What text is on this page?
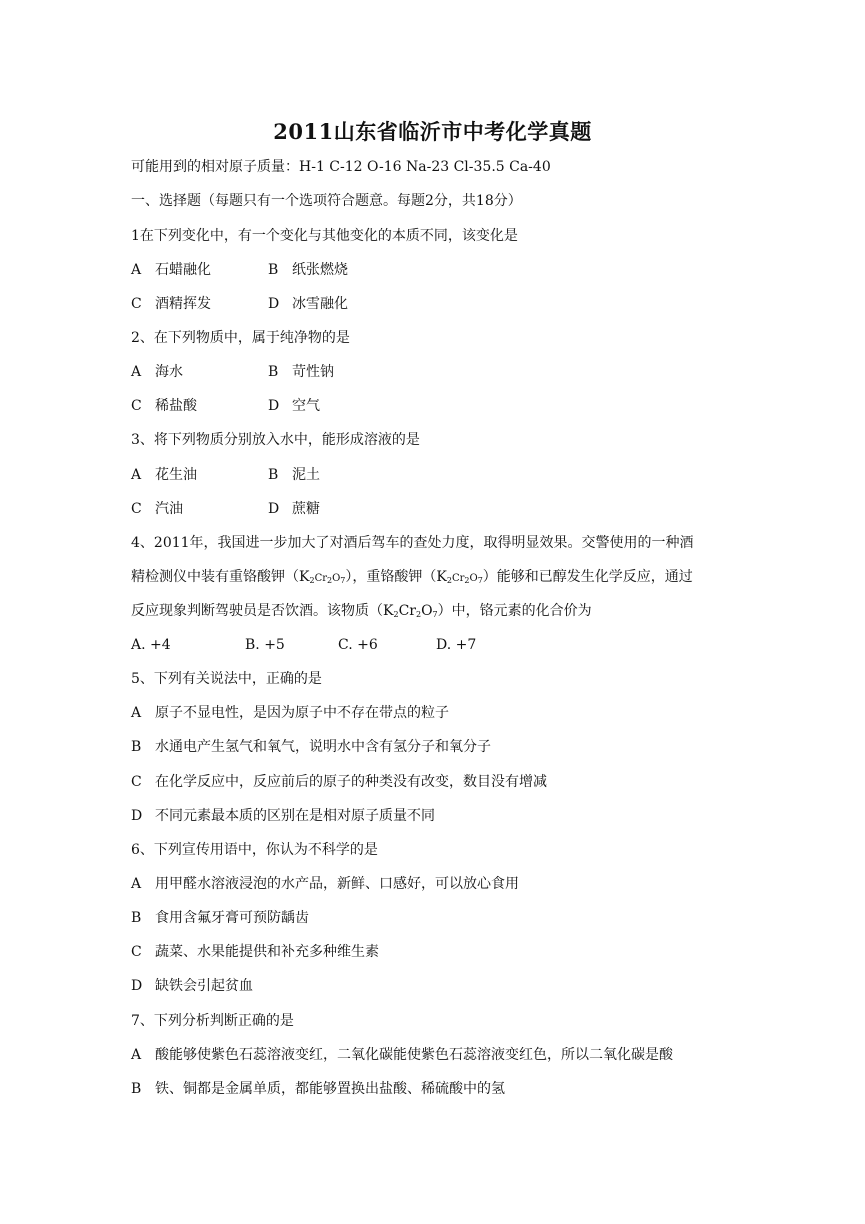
2011山东省临沂市中考化学真题
可能用到的相对原子质量：H-1 C-12 O-16 Na-23 Cl-35.5 Ca-40
一、选择题（每题只有一个选项符合题意。每题2分，共18分）
1在下列变化中，有一个变化与其他变化的本质不同，该变化是
A 石蜡融化	B 纸张燃烧
C 酒精挥发	D 冰雪融化
2、在下列物质中，属于纯净物的是
A 海水	B 苛性钠
C 稀盐酸	D 空气
3、将下列物质分别放入水中，能形成溶液的是
A 花生油	B 泥土
C 汽油	D 蔗糖
4、2011年，我国进一步加大了对酒后驾车的查处力度，取得明显效果。交警使用的一种酒
精检测仪中装有重铬酸钾$(K_2Cr_2O_7)$，重铬酸钾$(K_2Cr_2O_7)$能够和已醇发生化学反应，通过
反应现象判断驾驶员是否饮酒。该物质$(K_2Cr_2O_7)$中，铬元素的化合价为
A. +4	B. +5	C. +6	D. +7
5、下列有关说法中，正确的是
A 原子不显电性，是因为原子中不存在带点的粒子
B 水通电产生氢气和氧气，说明水中含有氢分子和氧分子
C 在化学反应中，反应前后的原子的种类没有改变，数目没有增减
D 不同元素最本质的区别在是相对原子质量不同
6、下列宣传用语中，你认为不科学的是
A 用甲醛水溶液浸泡的水产品，新鲜、口感好，可以放心食用
B 食用含氟牙膏可预防龋齿
C 蔬菜、水果能提供和补充多种维生素
D 缺铁会引起贫血
7、下列分析判断正确的是
A 酸能够使紫色石蕊溶液变红，二氧化碳能使紫色石蕊溶液变红色，所以二氧化碳是酸
B 铁、铜都是金属单质，都能够置换出盐酸、稀硫酸中的氢
